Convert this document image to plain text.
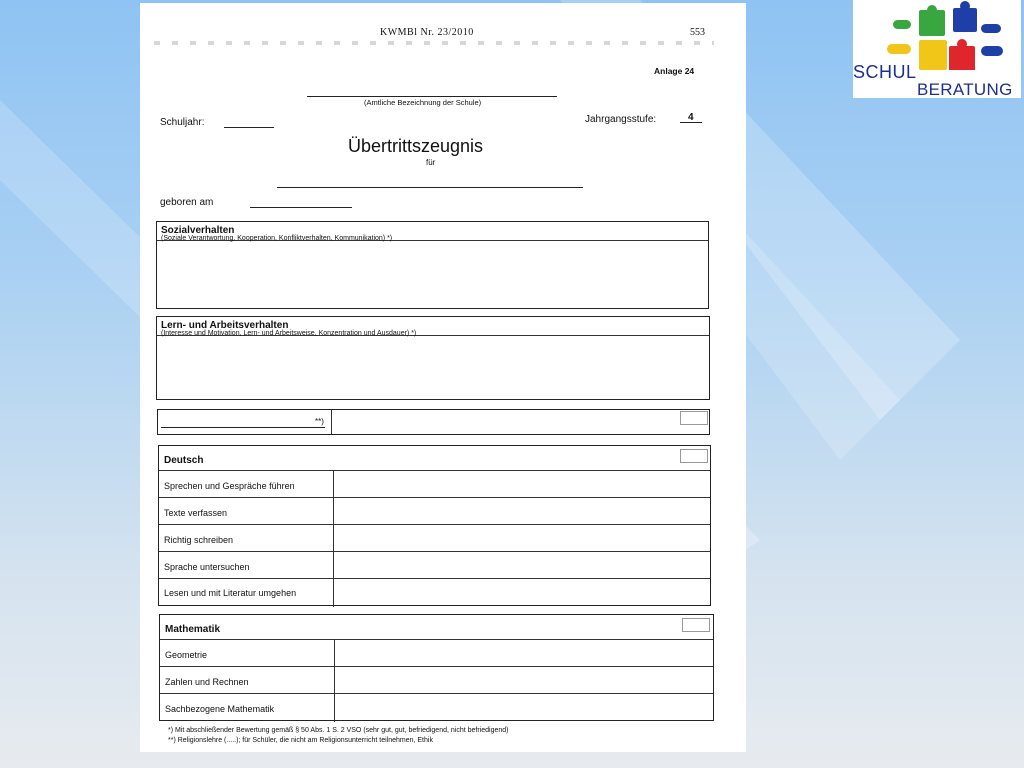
SCHUL
BERATUNG
KWMBl Nr. 23/2010	553
Anlage 24
(Amtliche Bezeichnung der Schule)
Schuljahr:	Jahrgangsstufe:	4
Übertrittszeugnis
für
geboren am
Sozialverhalten
(Soziale Verantwortung, Kooperation, Konfliktverhalten, Kommunikation) *)
Lern- und Arbeitsverhalten
(Interesse und Motivation, Lern- und Arbeitsweise, Konzentration und Ausdauer) *)
**)
Deutsch
Sprechen und Gespräche führen
Texte verfassen
Richtig schreiben
Sprache untersuchen
Lesen und mit Literatur umgehen
Mathematik
Geometrie
Zahlen und Rechnen
Sachbezogene Mathematik
*) Mit abschließender Bewertung gemäß § 50 Abs. 1 S. 2 VSO (sehr gut, gut, befriedigend, nicht befriedigend)
**) Religionslehre (.....); für Schüler, die nicht am Religionsunterricht teilnehmen, Ethik
